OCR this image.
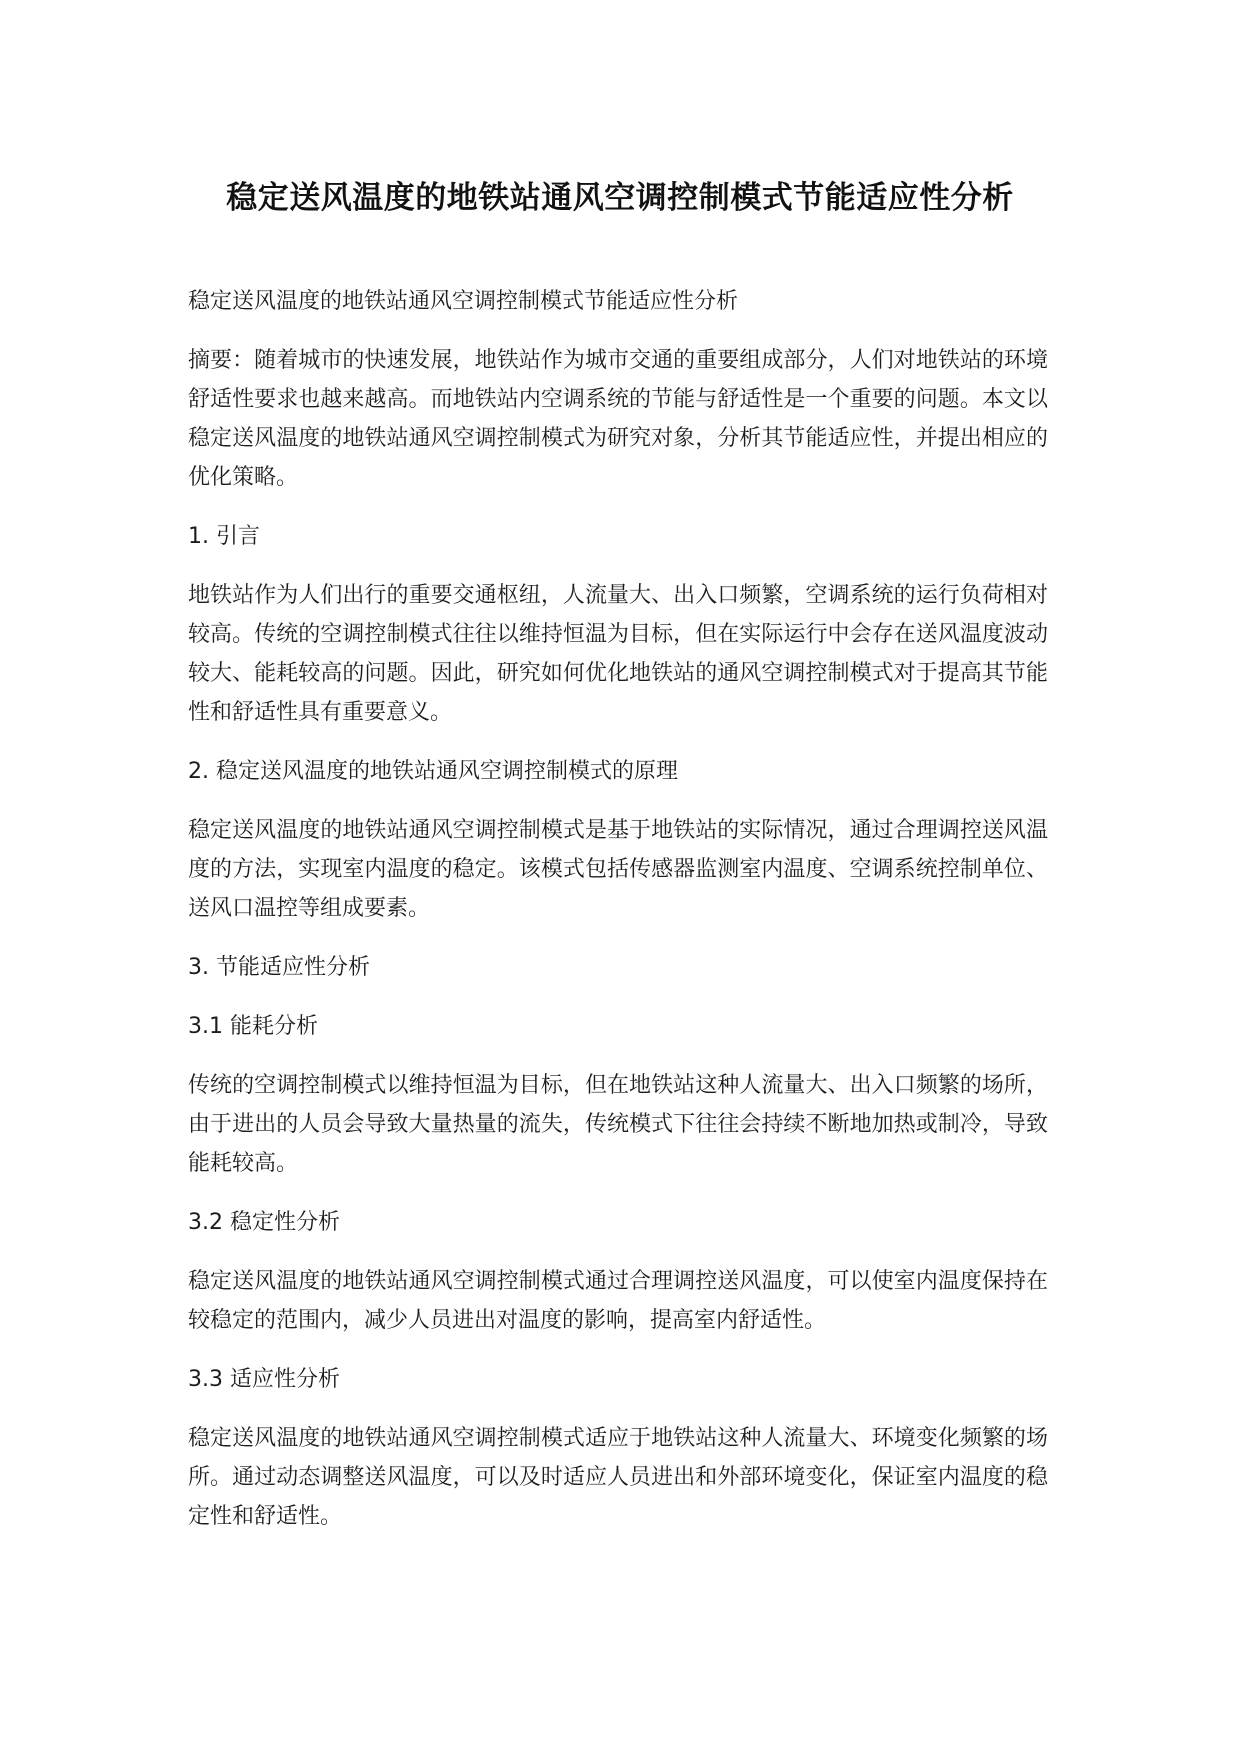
稳定送风温度的地铁站通风空调控制模式节能适应性分析

稳定送风温度的地铁站通风空调控制模式节能适应性分析

摘要：随着城市的快速发展，地铁站作为城市交通的重要组成部分，人们对地铁站的环境舒适性要求也越来越高。而地铁站内空调系统的节能与舒适性是一个重要的问题。本文以稳定送风温度的地铁站通风空调控制模式为研究对象，分析其节能适应性，并提出相应的优化策略。

1. 引言

地铁站作为人们出行的重要交通枢纽，人流量大、出入口频繁，空调系统的运行负荷相对较高。传统的空调控制模式往往以维持恒温为目标，但在实际运行中会存在送风温度波动较大、能耗较高的问题。因此，研究如何优化地铁站的通风空调控制模式对于提高其节能性和舒适性具有重要意义。

2. 稳定送风温度的地铁站通风空调控制模式的原理

稳定送风温度的地铁站通风空调控制模式是基于地铁站的实际情况，通过合理调控送风温度的方法，实现室内温度的稳定。该模式包括传感器监测室内温度、空调系统控制单位、送风口温控等组成要素。

3. 节能适应性分析

3.1 能耗分析

传统的空调控制模式以维持恒温为目标，但在地铁站这种人流量大、出入口频繁的场所，由于进出的人员会导致大量热量的流失，传统模式下往往会持续不断地加热或制冷，导致能耗较高。

3.2 稳定性分析

稳定送风温度的地铁站通风空调控制模式通过合理调控送风温度，可以使室内温度保持在较稳定的范围内，减少人员进出对温度的影响，提高室内舒适性。

3.3 适应性分析

稳定送风温度的地铁站通风空调控制模式适应于地铁站这种人流量大、环境变化频繁的场所。通过动态调整送风温度，可以及时适应人员进出和外部环境变化，保证室内温度的稳定性和舒适性。
